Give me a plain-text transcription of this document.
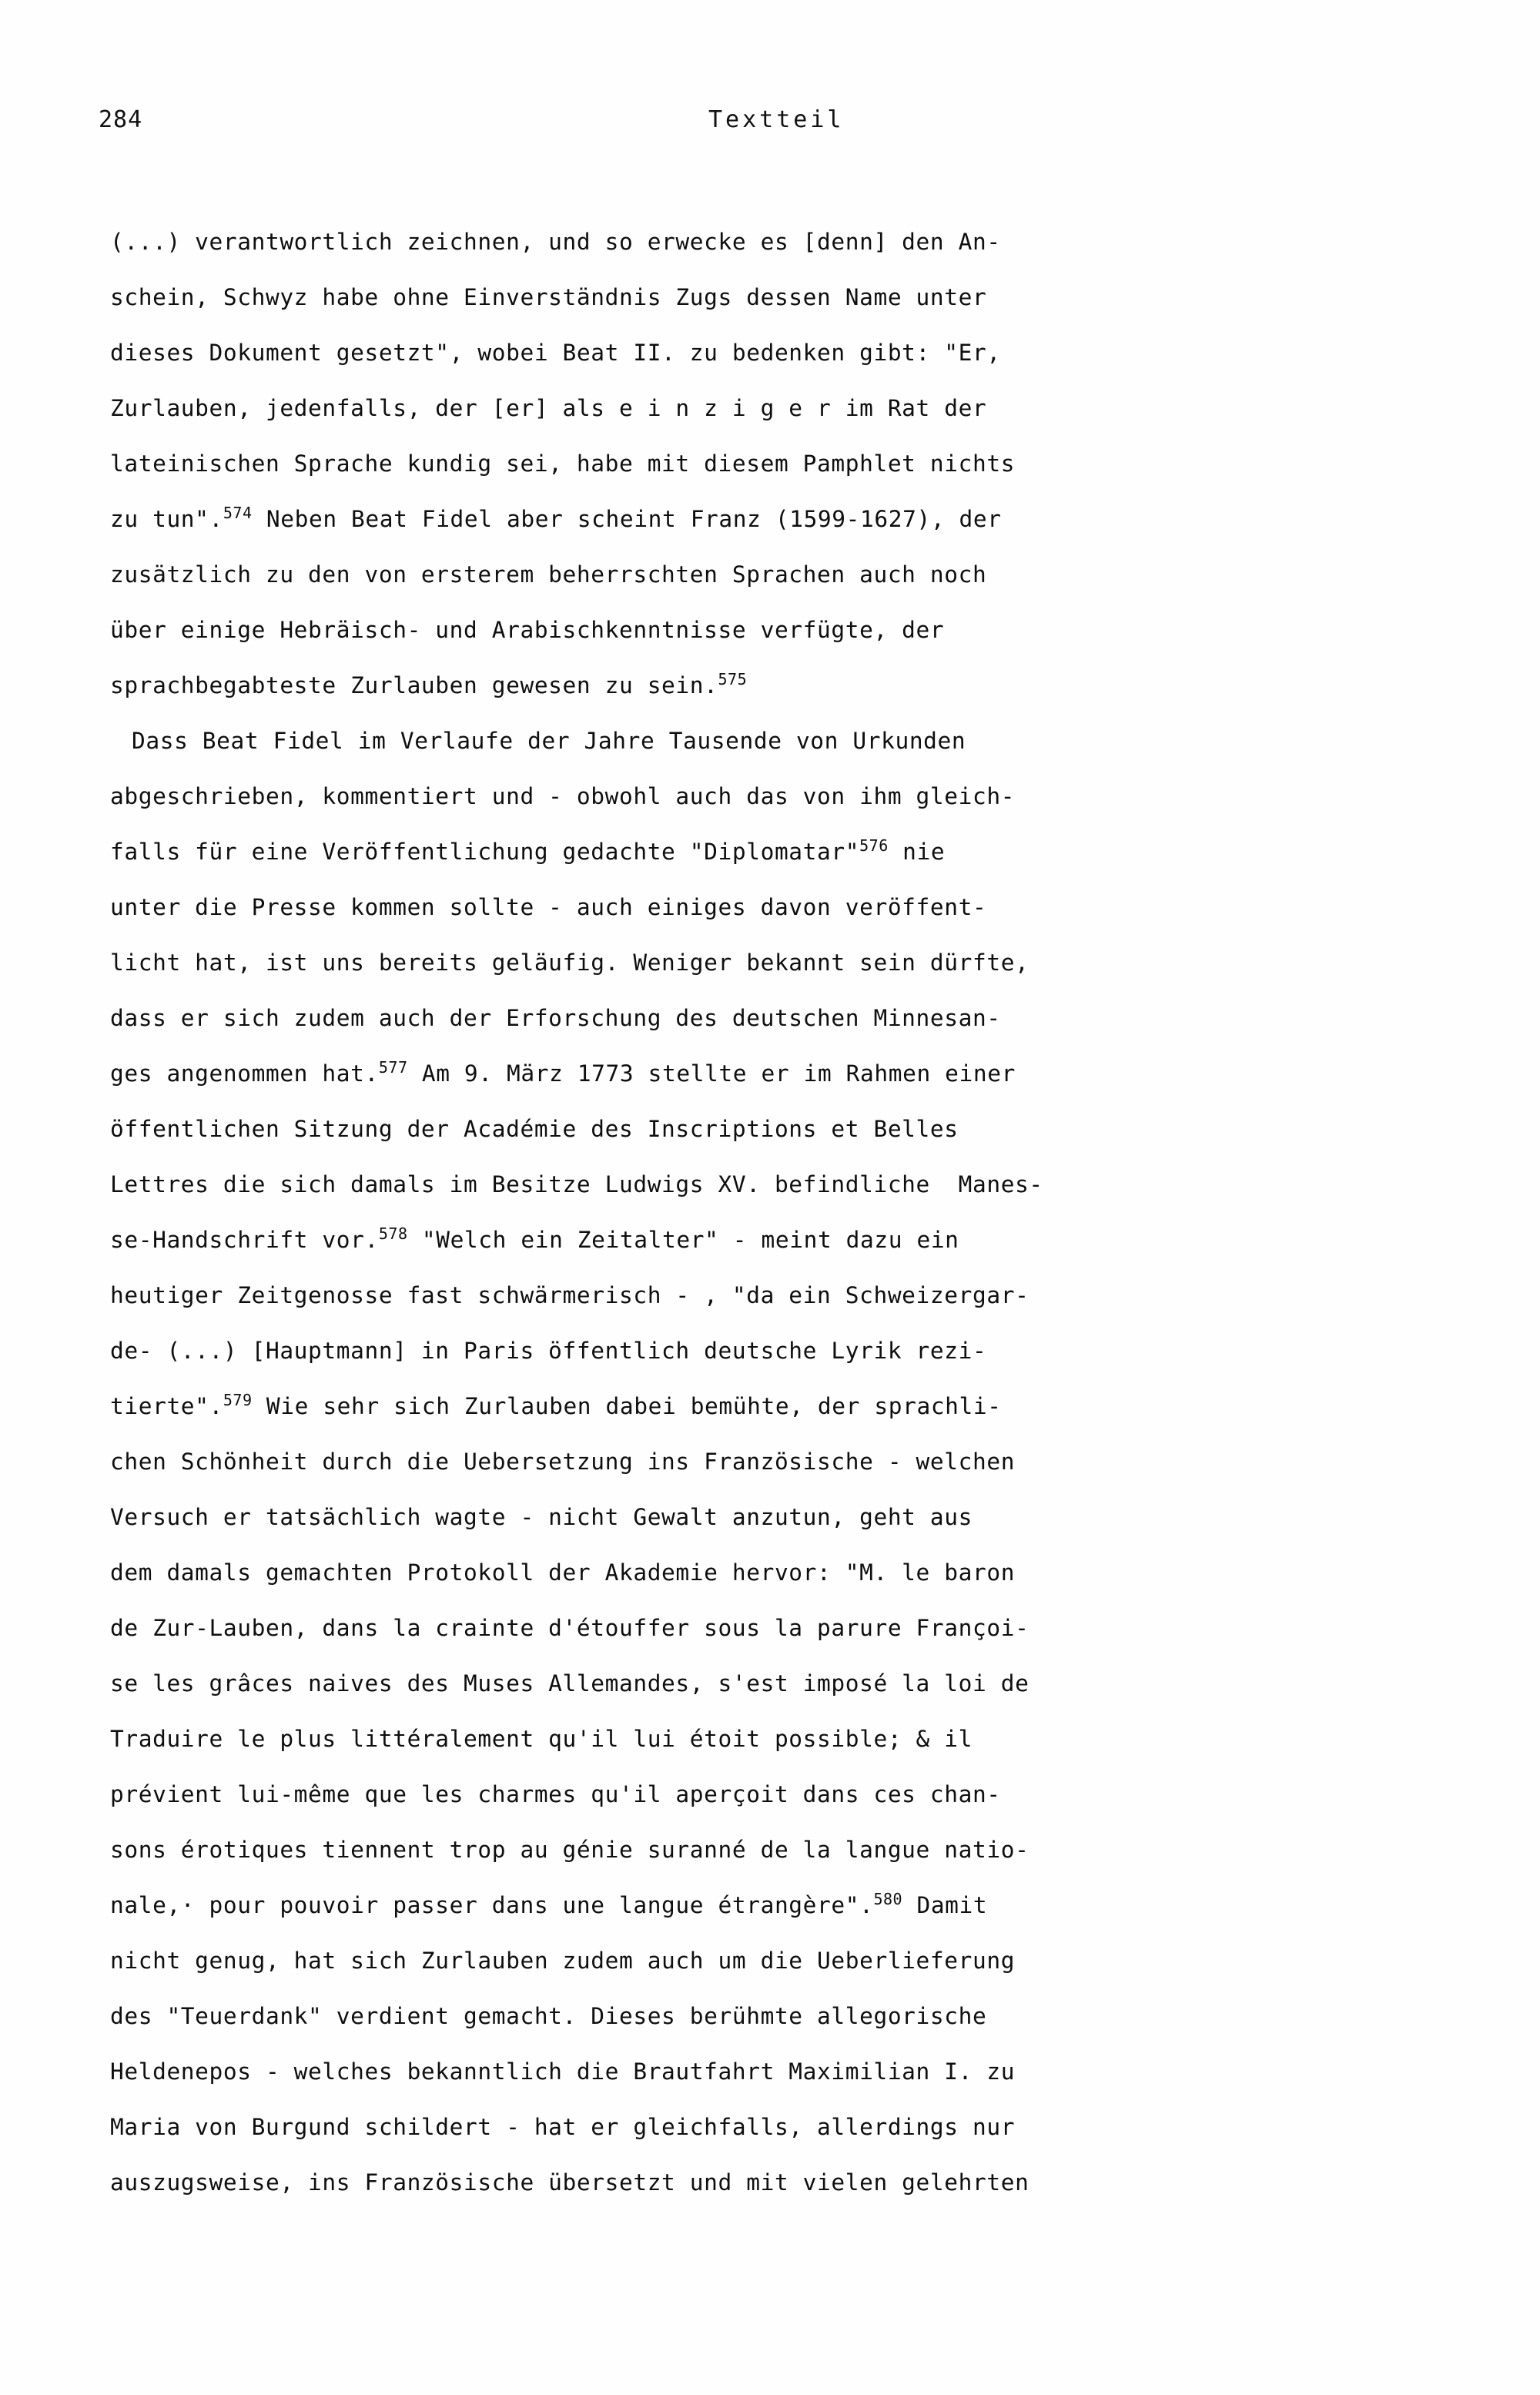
284	Textteil
(...) verantwortlich zeichnen, und so erwecke es [denn] den An-
schein, Schwyz habe ohne Einverständnis Zugs dessen Name unter
dieses Dokument gesetzt", wobei Beat II. zu bedenken gibt: "Er,
Zurlauben, jedenfalls, der [er] als e i n z i g e r im Rat der
lateinischen Sprache kundig sei, habe mit diesem Pamphlet nichts
zu tun".$^{574}$ Neben Beat Fidel aber scheint Franz (1599-1627), der
zusätzlich zu den von ersterem beherrschten Sprachen auch noch
über einige Hebräisch- und Arabischkenntnisse verfügte, der
sprachbegabteste Zurlauben gewesen zu sein.$^{575}$
Dass Beat Fidel im Verlaufe der Jahre Tausende von Urkunden
abgeschrieben, kommentiert und - obwohl auch das von ihm gleich-
falls für eine Veröffentlichung gedachte "Diplomatar"$^{576}$ nie
unter die Presse kommen sollte - auch einiges davon veröffent-
licht hat, ist uns bereits geläufig. Weniger bekannt sein dürfte,
dass er sich zudem auch der Erforschung des deutschen Minnesan-
ges angenommen hat.$^{577}$ Am 9. März 1773 stellte er im Rahmen einer
öffentlichen Sitzung der Académie des Inscriptions et Belles
Lettres die sich damals im Besitze Ludwigs XV. befindliche  Manes-
se-Handschrift vor.$^{578}$ "Welch ein Zeitalter" - meint dazu ein
heutiger Zeitgenosse fast schwärmerisch - , "da ein Schweizergar-
de- (...) [Hauptmann] in Paris öffentlich deutsche Lyrik rezi-
tierte".$^{579}$ Wie sehr sich Zurlauben dabei bemühte, der sprachli-
chen Schönheit durch die Uebersetzung ins Französische - welchen
Versuch er tatsächlich wagte - nicht Gewalt anzutun, geht aus
dem damals gemachten Protokoll der Akademie hervor: "M. le baron
de Zur-Lauben, dans la crainte d'étouffer sous la parure Françoi-
se les grâces naives des Muses Allemandes, s'est imposé la loi de
Traduire le plus littéralement qu'il lui étoit possible; & il
prévient lui-même que les charmes qu'il aperçoit dans ces chan-
sons érotiques tiennent trop au génie suranné de la langue natio-
nale,· pour pouvoir passer dans une langue étrangère".$^{580}$ Damit
nicht genug, hat sich Zurlauben zudem auch um die Ueberlieferung
des "Teuerdank" verdient gemacht. Dieses berühmte allegorische
Heldenepos - welches bekanntlich die Brautfahrt Maximilian I. zu
Maria von Burgund schildert - hat er gleichfalls, allerdings nur
auszugsweise, ins Französische übersetzt und mit vielen gelehrten
